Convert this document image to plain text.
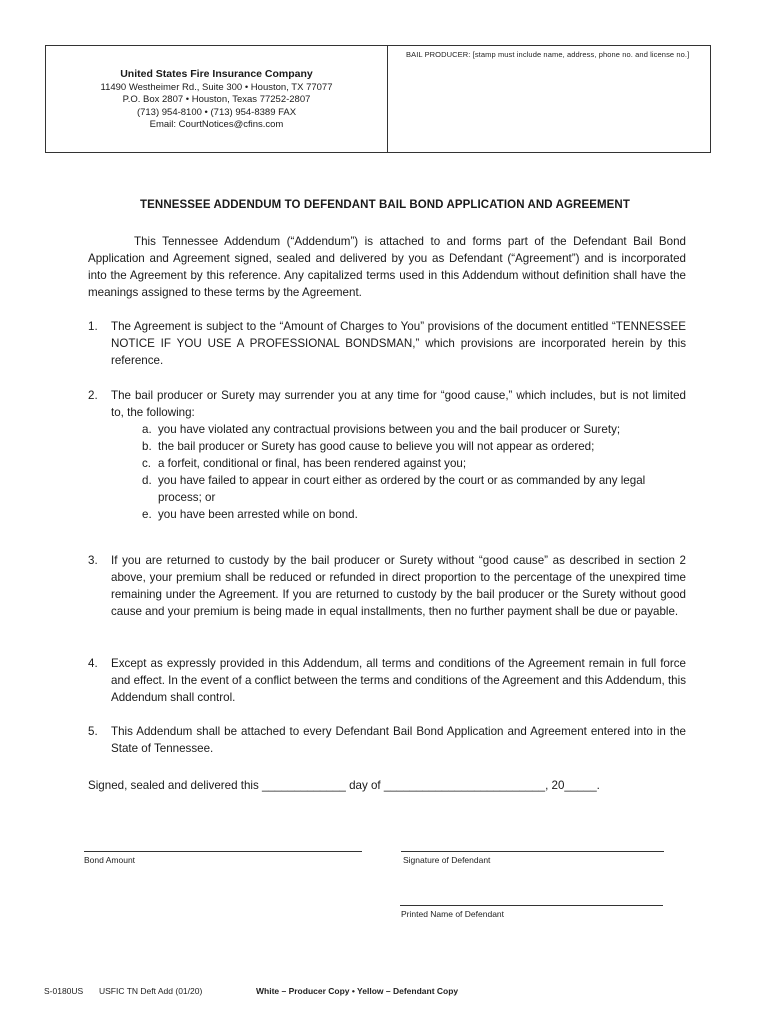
United States Fire Insurance Company
11490 Westheimer Rd., Suite 300 • Houston, TX 77077
P.O. Box 2807 • Houston, Texas 77252-2807
(713) 954-8100 • (713) 954-8389 FAX
Email: CourtNotices@cfins.com
BAIL PRODUCER: [stamp must include name, address, phone no. and license no.]
TENNESSEE ADDENDUM TO DEFENDANT BAIL BOND APPLICATION AND AGREEMENT
This Tennessee Addendum (“Addendum”) is attached to and forms part of the Defendant Bail Bond Application and Agreement signed, sealed and delivered by you as Defendant (“Agreement”) and is incorporated into the Agreement by this reference. Any capitalized terms used in this Addendum without definition shall have the meanings assigned to these terms by the Agreement.
1. The Agreement is subject to the “Amount of Charges to You” provisions of the document entitled “TENNESSEE NOTICE IF YOU USE A PROFESSIONAL BONDSMAN,” which provisions are incorporated herein by this reference.
2. The bail producer or Surety may surrender you at any time for “good cause,” which includes, but is not limited to, the following:
a. you have violated any contractual provisions between you and the bail producer or Surety;
b. the bail producer or Surety has good cause to believe you will not appear as ordered;
c. a forfeit, conditional or final, has been rendered against you;
d. you have failed to appear in court either as ordered by the court or as commanded by any legal process; or
e. you have been arrested while on bond.
3. If you are returned to custody by the bail producer or Surety without “good cause” as described in section 2 above, your premium shall be reduced or refunded in direct proportion to the percentage of the unexpired time remaining under the Agreement. If you are returned to custody by the bail producer or the Surety without good cause and your premium is being made in equal installments, then no further payment shall be due or payable.
4. Except as expressly provided in this Addendum, all terms and conditions of the Agreement remain in full force and effect. In the event of a conflict between the terms and conditions of the Agreement and this Addendum, this Addendum shall control.
5. This Addendum shall be attached to every Defendant Bail Bond Application and Agreement entered into in the State of Tennessee.
Signed, sealed and delivered this _____________ day of _________________________, 20_____.
Bond Amount	Signature of Defendant
Printed Name of Defendant
S-0180US USFIC TN Deft Add (01/20)	White – Producer Copy • Yellow – Defendant Copy
